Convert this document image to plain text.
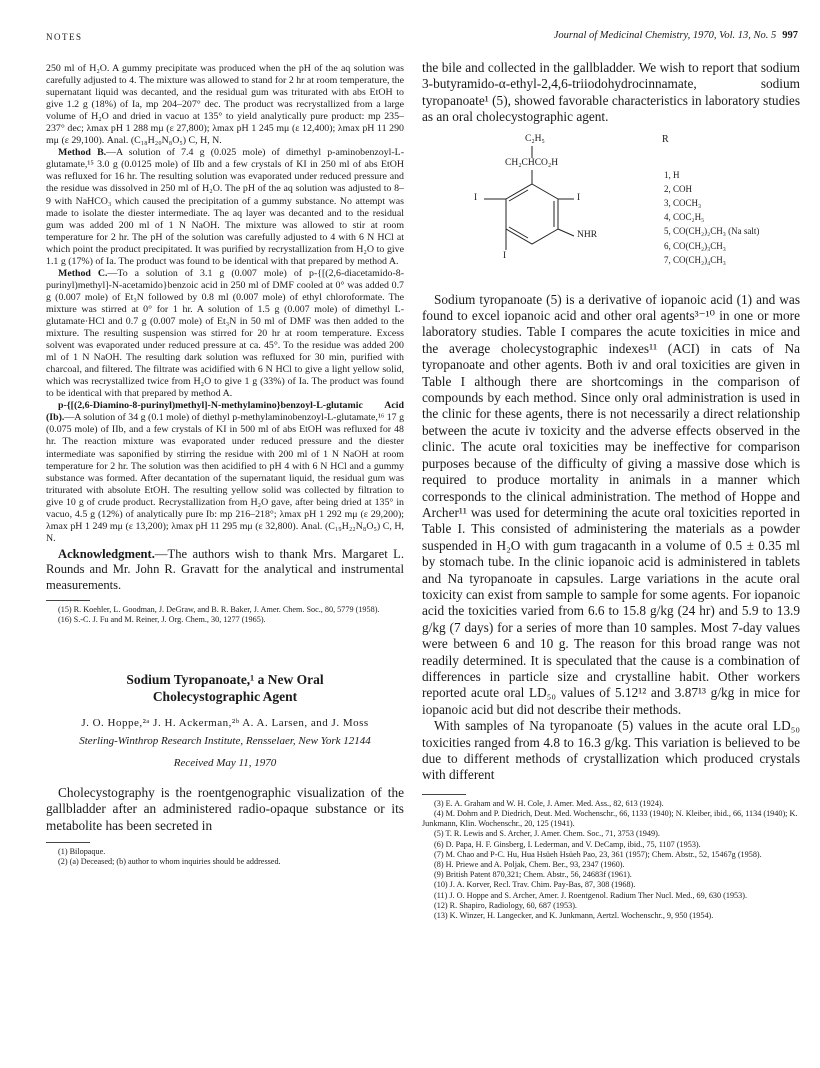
NOTES	Journal of Medicinal Chemistry, 1970, Vol. 13, No. 5 997

250 ml of H₂O. A gummy precipitate was produced when the pH of the aq solution was carefully adjusted to 4. The mixture was allowed to stand for 2 hr at room temperature, the supernatant liquid was decanted, and the residual gum was triturated with abs EtOH to give 1.2 g (18%) of Ia, mp 204–207° dec. The product was recrystallized from a large volume of H₂O and dried in vacuo at 135° to yield analytically pure product: mp 235–237° dec; λmax pH 1 288 mμ (ε 27,800); λmax pH 1 245 mμ (ε 12,400); λmax pH 11 290 mμ (ε 29,100). Anal. (C₁₈H₂₀N₈O₅) C, H, N.

Method B.—A solution of 7.4 g (0.025 mole) of dimethyl p-aminobenzoyl-L-glutamate,¹⁵ 3.0 g (0.0125 mole) of IIb and a few crystals of KI in 250 ml of abs EtOH was refluxed for 16 hr. The resulting solution was evaporated under reduced pressure and the residue was dissolved in 250 ml of H₂O. The pH of the aq solution was adjusted to 8–9 with NaHCO₃ which caused the precipitation of a gummy substance. No attempt was made to isolate the diester intermediate. The aq layer was decanted and to the residual gum was added 200 ml of 1 N NaOH. The mixture was allowed to stir at room temperature for 2 hr. The pH of the solution was carefully adjusted to 4 with 6 N HCl at which point the product precipitated. It was purified by recrystallization from H₂O to give 1.1 g (17%) of Ia. The product was found to be identical with that prepared by method A.

Method C.—To a solution of 3.1 g (0.007 mole) of p-{[(2,6-diacetamido-8-purinyl)methyl]-N-acetamido}benzoic acid in 250 ml of DMF cooled at 0° was added 0.7 g (0.007 mole) of Et₃N followed by 0.8 ml (0.007 mole) of ethyl chloroformate. The mixture was stirred at 0° for 1 hr. A solution of 1.5 g (0.007 mole) of dimethyl L-glutamate·HCl and 0.7 g (0.007 mole) of Et₃N in 50 ml of DMF was then added to the mixture. The resulting suspension was stirred for 20 hr at room temperature. Excess solvent was evaporated under reduced pressure at ca. 45°. To the residue was added 200 ml of 1 N NaOH. The resulting dark solution was refluxed for 30 min, purified with charcoal, and filtered. The filtrate was acidified with 6 N HCl to give a light yellow solid, which was recrystallized twice from H₂O to give 1 g (33%) of Ia. The product was found to be identical with that prepared by method A.

p-{[(2,6-Diamino-8-purinyl)methyl]-N-methylamino}benzoyl-L-glutamic Acid (Ib).—A solution of 34 g (0.1 mole) of diethyl p-methylaminobenzoyl-L-glutamate,¹⁶ 17 g (0.075 mole) of IIb, and a few crystals of KI in 500 ml of abs EtOH was refluxed for 48 hr. The reaction mixture was evaporated under reduced pressure and the diester intermediate was saponified by stirring the residue with 200 ml of 1 N NaOH at room temperature for 2 hr. The solution was then acidified to pH 4 with 6 N HCl and a gummy substance was formed. After decantation of the supernatant liquid, the residual gum was triturated with absolute EtOH. The resulting yellow solid was collected by filtration to give 10 g of crude product. Recrystallization from H₂O gave, after being dried at 135° in vacuo, 4.5 g (12%) of analytically pure Ib: mp 216–218°; λmax pH 1 292 mμ (ε 29,200); λmax pH 1 249 mμ (ε 13,200); λmax pH 11 295 mμ (ε 32,800). Anal. (C₁₉H₂₂N₈O₅) C, H, N.

Acknowledgment.—The authors wish to thank Mrs. Margaret L. Rounds and Mr. John R. Gravatt for the analytical and instrumental measurements.

(15) R. Koehler, L. Goodman, J. DeGraw, and B. R. Baker, J. Amer. Chem. Soc., 80, 5779 (1958).

(16) S.-C. J. Fu and M. Reiner, J. Org. Chem., 30, 1277 (1965).

Sodium Tyropanoate,¹ a New Oral

Cholecystographic Agent

J. O. Hoppe,²ᵃ J. H. Ackerman,²ᵇ A. A. Larsen, and J. Moss

Sterling-Winthrop Research Institute, Rensselaer, New York 12144

Received May 11, 1970

Cholecystography is the roentgenographic visualization of the gallbladder after an administered radio-opaque substance or its metabolite has been secreted in

(1) Bilopaque.

(2) (a) Deceased; (b) author to whom inquiries should be addressed.

the bile and collected in the gallbladder. We wish to report that sodium 3-butyramido-α-ethyl-2,4,6-triiodohydrocinnamate, sodium tyropanoate¹ (5), showed favorable characteristics in laboratory studies as an oral cholecystographic agent.

C₂H₅
CH₂CHCO₂H
I	I
NHR
I
R
1, H
2, COH
3, COCH₃
4, COC₂H₅
5, CO(CH₂)₂CH₃ (Na salt)
6, CO(CH₂)₃CH₃
7, CO(CH₂)₄CH₃

Sodium tyropanoate (5) is a derivative of iopanoic acid (1) and was found to excel iopanoic acid and other oral agents³⁻¹⁰ in one or more laboratory studies. Table I compares the acute toxicities in mice and the average cholecystographic indexes¹¹ (ACI) in cats of Na tyropanoate and other agents. Both iv and oral toxicities are given in Table I although there are shortcomings in the comparison of compounds by each method. Since only oral administration is used in the clinic for these agents, there is not necessarily a direct relationship between the acute iv toxicity and the adverse effects observed in the clinic. The acute oral toxicities may be ineffective for comparison purposes because of the difficulty of giving a massive dose which is required to produce mortality in animals in a manner which corresponds to the clinical administration. The method of Hoppe and Archer¹¹ was used for determining the acute oral toxicities reported in Table I. This consisted of administering the materials as a powder suspended in H₂O with gum tragacanth in a volume of 0.5 ± 0.35 ml by stomach tube. In the clinic iopanoic acid is administered in tablets and Na tyropanoate in capsules. Large variations in the acute oral toxicity can exist from sample to sample for some agents. For iopanoic acid the toxicities varied from 6.6 to 15.8 g/kg (24 hr) and 5.9 to 13.9 g/kg (7 days) for a series of more than 10 samples. Most 7-day values were between 6 and 10 g. The reason for this broad range was not readily determined. It is speculated that the cause is a combination of differences in particle size and crystalline habit. Other workers reported acute oral LD₅₀ values of 5.12¹² and 3.87¹³ g/kg in mice for iopanoic acid but did not describe their methods.

With samples of Na tyropanoate (5) values in the acute oral LD₅₀ toxicities ranged from 4.8 to 16.3 g/kg. This variation is believed to be due to different methods of crystallization which produced crystals with different

(3) E. A. Graham and W. H. Cole, J. Amer. Med. Ass., 82, 613 (1924).

(4) M. Dohrn and P. Diedrich, Deut. Med. Wochenschr., 66, 1133 (1940); N. Kleiber, ibid., 66, 1134 (1940); K. Junkmann, Klin. Wochenschr., 20, 125 (1941).

(5) T. R. Lewis and S. Archer, J. Amer. Chem. Soc., 71, 3753 (1949).

(6) D. Papa, H. F. Ginsberg, I. Lederman, and V. DeCamp, ibid., 75, 1107 (1953).

(7) M. Chao and P-C. Hu, Hua Hsüeh Hsüeh Pao, 23, 361 (1957); Chem. Abstr., 52, 15467g (1958).

(8) H. Priewe and A. Poljak, Chem. Ber., 93, 2347 (1960).

(9) British Patent 870,321; Chem. Abstr., 56, 24683f (1961).

(10) J. A. Korver, Recl. Trav. Chim. Pay-Bas, 87, 308 (1968).

(11) J. O. Hoppe and S. Archer, Amer. J. Roentgenol. Radium Ther Nucl. Med., 69, 630 (1953).

(12) R. Shapiro, Radiology, 60, 687 (1953).

(13) K. Winzer, H. Langecker, and K. Junkmann, Aertzl. Wochenschr., 9, 950 (1954).
